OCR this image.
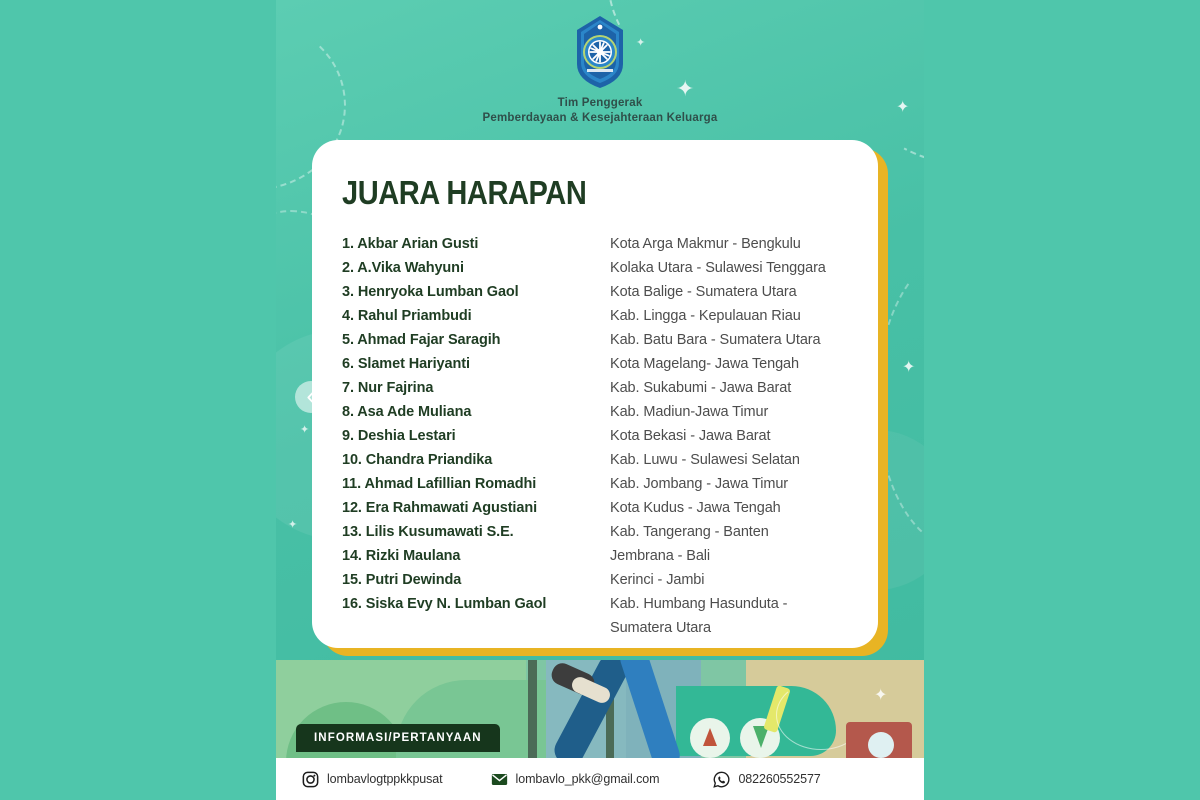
✦
✦
✦
✦
✦
✦
Tim Penggerak
Pemberdayaan & Kesejahteraan Keluarga
JUARA HARAPAN
1. Akbar Arian Gusti	Kota Arga Makmur - Bengkulu
2. A.Vika Wahyuni	Kolaka Utara - Sulawesi Tenggara
3. Henryoka Lumban Gaol	Kota Balige - Sumatera Utara
4. Rahul Priambudi	Kab. Lingga - Kepulauan Riau
5. Ahmad Fajar Saragih	Kab. Batu Bara - Sumatera Utara
6. Slamet Hariyanti	Kota Magelang- Jawa Tengah
7. Nur Fajrina	Kab. Sukabumi - Jawa Barat
8. Asa Ade Muliana	Kab. Madiun-Jawa Timur
9. Deshia Lestari	Kota Bekasi - Jawa Barat
10. Chandra Priandika	Kab. Luwu - Sulawesi Selatan
11. Ahmad Lafillian Romadhi	Kab. Jombang - Jawa Timur
12. Era Rahmawati Agustiani	Kota Kudus - Jawa Tengah
13. Lilis Kusumawati S.E.	Kab. Tangerang - Banten
14. Rizki Maulana	Jembrana - Bali
15. Putri Dewinda	Kerinci - Jambi
16. Siska Evy N. Lumban Gaol	Kab. Humbang Hasunduta -
Sumatera Utara
✦
INFORMASI/PERTANYAAN
lombavlogtppkkpusat	lombavlo_pkk@gmail.com	082260552577
